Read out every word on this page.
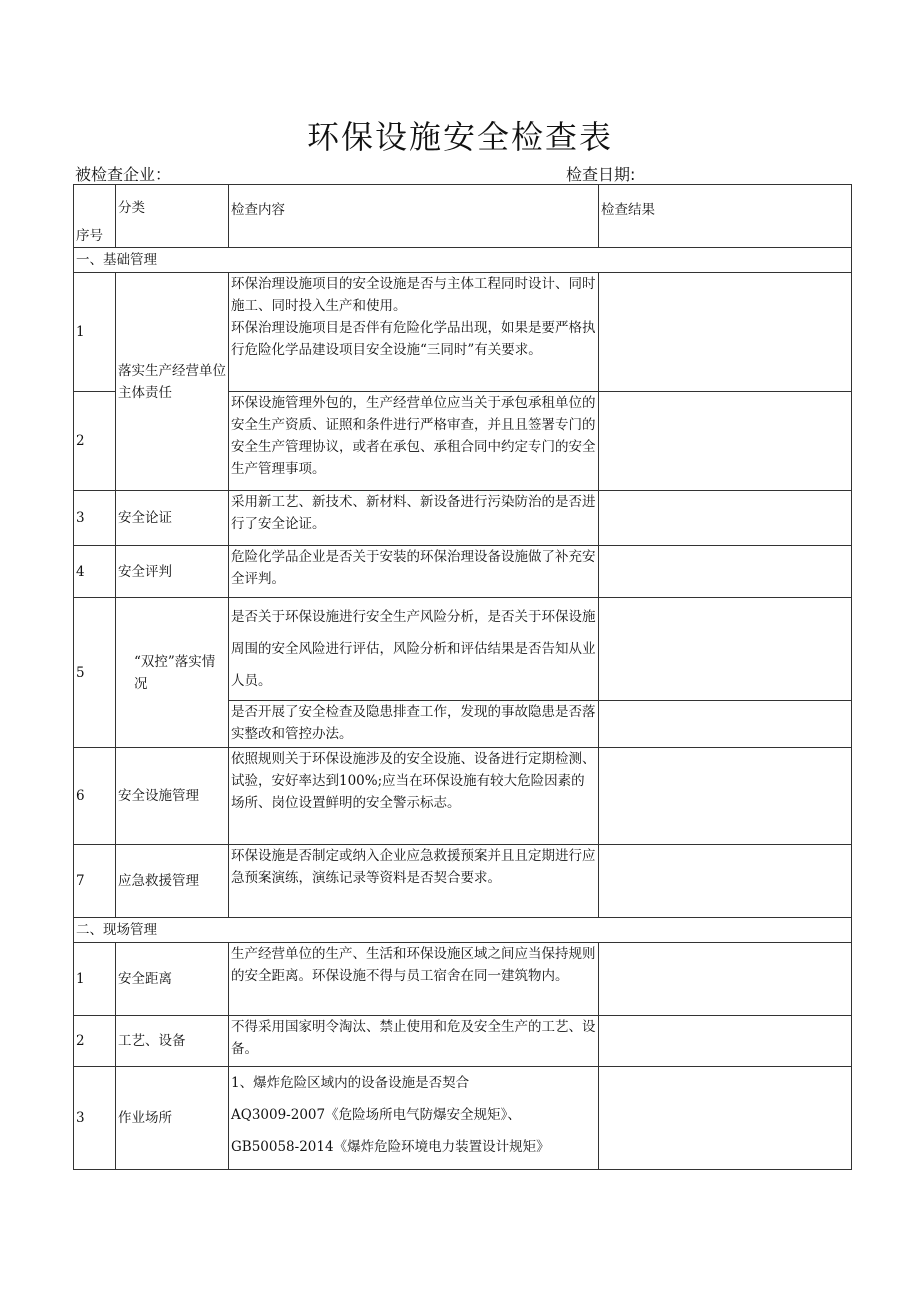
环保设施安全检查表
被检查企业：	检查日期:
序号	分类	检查内容	检查结果
一、基础管理			
1	落实生产经营单位主体责任	环保治理设施项目的安全设施是否与主体工程同时设计、同时施工、同时投入生产和使用。
环保治理设施项目是否伴有危险化学品出现，如果是要严格执行危险化学品建设项目安全设施“三同时”有关要求。	

2		环保设施管理外包的，生产经营单位应当关于承包承租单位的安全生产资质、证照和条件进行严格审查，并且且签署专门的安全生产管理协议，或者在承包、承租合同中约定专门的安全生产管理事项。	

3	安全论证	采用新工艺、新技术、新材料、新设备进行污染防治的是否进行了安全论证。	

4	安全评判	危险化学品企业是否关于安装的环保治理设备设施做了补充安全评判。	

5	“双控”落实情况	是否关于环保设施进行安全生产风险分析，是否关于环保设施周围的安全风险进行评估，风险分析和评估结果是否告知从业人员。	

		是否开展了安全检查及隐患排查工作，发现的事故隐患是否落实整改和管控办法。	

6	安全设施管理	依照规则关于环保设施涉及的安全设施、设备进行定期检测、试验，安好率达到100%;应当在环保设施有较大危险因素的场所、岗位设置鲜明的安全警示标志。	

7	应急救援管理	环保设施是否制定或纳入企业应急救援预案并且且定期进行应急预案演练，演练记录等资料是否契合要求。	

二、现场管理			
1	安全距离	生产经营单位的生产、生活和环保设施区域之间应当保持规则的安全距离。环保设施不得与员工宿舍在同一建筑物内。	

2	工艺、设备	不得采用国家明令淘汰、禁止使用和危及安全生产的工艺、设备。	

3	作业场所	1、爆炸危险区域内的设备设施是否契合
AQ3009-2007《危险场所电气防爆安全规矩》、
GB50058-2014《爆炸危险环境电力装置设计规矩》	
